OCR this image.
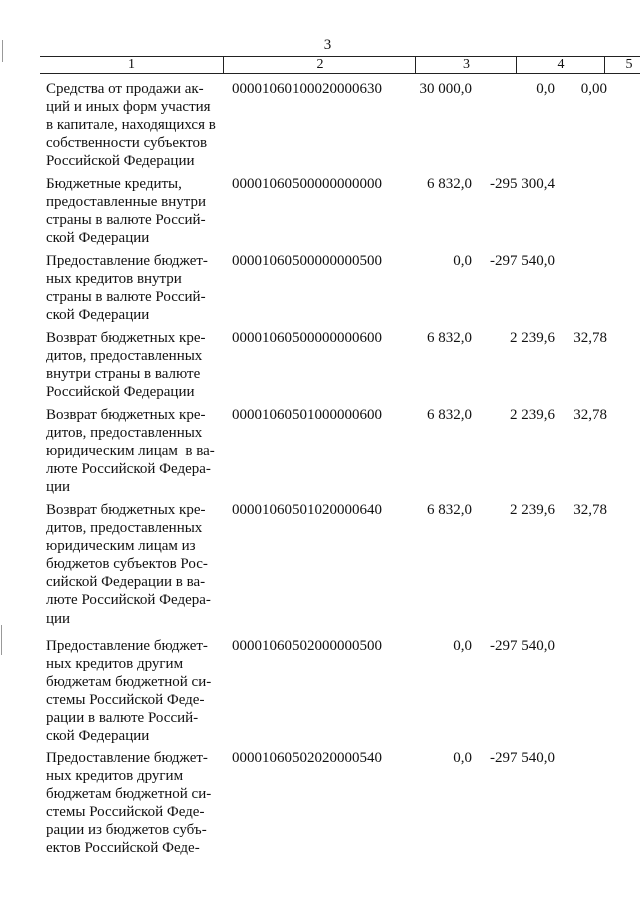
3
1	2	3	4	5
Средства от продажи ак-
ций и иных форм участия
в капитале, находящихся в
собственности субъектов
Российской Федерации
00001060100020000630	30 000,0	0,0 0,00
Бюджетные кредиты,
предоставленные внутри
страны в валюте Россий-
ской Федерации
00001060500000000000	6 832,0 -295 300,4
Предоставление бюджет-
ных кредитов внутри
страны в валюте Россий-
ской Федерации
00001060500000000500	0,0 -297 540,0
Возврат бюджетных кре-
дитов, предоставленных
внутри страны в валюте
Российской Федерации
00001060500000000600	6 832,0	2 239,6 32,78
Возврат бюджетных кре-
дитов, предоставленных
юридическим лицам  в ва-
люте Российской Федера-
ции
00001060501000000600	6 832,0	2 239,6 32,78
Возврат бюджетных кре-
дитов, предоставленных
юридическим лицам из
бюджетов субъектов Рос-
сийской Федерации в ва-
люте Российской Федера-
ции
00001060501020000640	6 832,0	2 239,6 32,78
Предоставление бюджет-
ных кредитов другим
бюджетам бюджетной си-
стемы Российской Феде-
рации в валюте Россий-
ской Федерации
00001060502000000500	0,0 -297 540,0
Предоставление бюджет-
ных кредитов другим
бюджетам бюджетной си-
стемы Российской Феде-
рации из бюджетов субъ-
ектов Российской Феде-
00001060502020000540	0,0 -297 540,0
